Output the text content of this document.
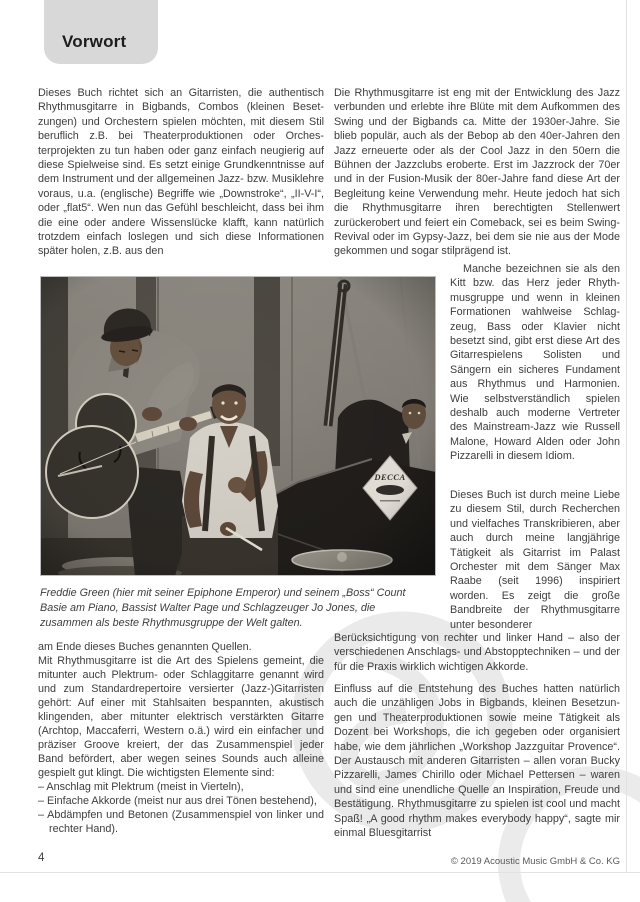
Vorwort
Dieses Buch richtet sich an Gitarristen, die authentisch Rhythmusgitarre in Bigbands, Combos (kleinen Besetzungen) und Orchestern spielen möchten, mit diesem Stil beruflich z.B. bei Theaterproduktionen oder Orchesterprojekten zu tun haben oder ganz einfach neugierig auf diese Spielweise sind. Es setzt einige Grundkenntnisse auf dem Instrument und der allgemeinen Jazz- bzw. Musiklehre voraus, u.a. (englische) Begriffe wie „Downstroke“, „II-V-I“, oder „flat5“. Wen nun das Gefühl beschleicht, dass bei ihm die eine oder andere Wissenslücke klafft, kann natürlich trotzdem einfach loslegen und sich diese Informationen später holen, z.B. aus den
Freddie Green (hier mit seiner Epiphone Emperor) und seinem „Boss“ Count Basie am Piano, Bassist Walter Page und Schlagzeuger Jo Jones, die zusammen als beste Rhythmusgruppe der Welt galten.
am Ende dieses Buches genannten Quellen.

Mit Rhythmusgitarre ist die Art des Spielens gemeint, die mitunter auch Plektrum- oder Schlaggitarre genannt wird und zum Standardrepertoire versierter (Jazz-)Gitarristen gehört: Auf einer mit Stahlsaiten bespannten, akustisch klingenden, aber mitunter elektrisch verstärkten Gitarre (Archtop, Maccaferri, Western o.ä.) wird ein einfacher und präziser Groove kreiert, der das Zusammenspiel jeder Band befördert, aber wegen seines Sounds auch alleine gespielt gut klingt. Die wichtigsten Elemente sind:

– Anschlag mit Plektrum (meist in Vierteln),
– Einfache Akkorde (meist nur aus drei Tönen bestehend),
– Abdämpfen und Betonen (Zusammenspiel von linker und rechter Hand).
Die Rhythmusgitarre ist eng mit der Entwicklung des Jazz verbunden und erlebte ihre Blüte mit dem Aufkommen des Swing und der Bigbands ca. Mitte der 1930er-Jahre. Sie blieb populär, auch als der Bebop ab den 40er-Jahren den Jazz erneuerte oder als der Cool Jazz in den 50ern die Bühnen der Jazzclubs eroberte. Erst im Jazzrock der 70er und in der Fusion-Musik der 80er-Jahre fand diese Art der Begleitung keine Verwendung mehr. Heute jedoch hat sich die Rhythmusgitarre ihren berechtigten Stellenwert zurückerobert und feiert ein Comeback, sei es beim Swing-Revival oder im Gypsy-Jazz, bei dem sie nie aus der Mode gekommen und sogar stilprägend ist.
Manche bezeichnen sie als den Kitt bzw. das Herz jeder Rhythmusgruppe und wenn in kleinen Formationen wahlweise Schlagzeug, Bass oder Klavier nicht besetzt sind, gibt erst diese Art des Gitarrespielens Solisten und Sängern ein sicheres Fundament aus Rhythmus und Harmonien. Wie selbstverständlich spielen deshalb auch moderne Vertreter des Mainstream-Jazz wie Russell Malone, Howard Alden oder John Pizzarelli in diesem Idiom.
Dieses Buch ist durch meine Liebe zu diesem Stil, durch Recherchen und vielfaches Transkribieren, aber auch durch meine langjährige Tätigkeit als Gitarrist im Palast Orchester mit dem Sänger Max Raabe (seit 1996) inspiriert worden. Es zeigt die große Bandbreite der Rhythmusgitarre unter besonderer
Berücksichtigung von rechter und linker Hand – also der verschiedenen Anschlags- und Abstopptechniken – und der für die Praxis wirklich wichtigen Akkorde.
Einfluss auf die Entstehung des Buches hatten natürlich auch die unzähligen Jobs in Bigbands, kleinen Besetzungen und Theaterproduktionen sowie meine Tätigkeit als Dozent bei Workshops, die ich gegeben oder organisiert habe, wie dem jährlichen „Workshop Jazzguitar Provence“. Der Austausch mit anderen Gitarristen – allen voran Bucky Pizzarelli, James Chirillo oder Michael Pettersen – waren und sind eine unendliche Quelle an Inspiration, Freude und Bestätigung. Rhythmusgitarre zu spielen ist cool und macht Spaß! „A good rhythm makes everybody happy“, sagte mir einmal Bluesgitarrist
4	© 2019 Acoustic Music GmbH & Co. KG
